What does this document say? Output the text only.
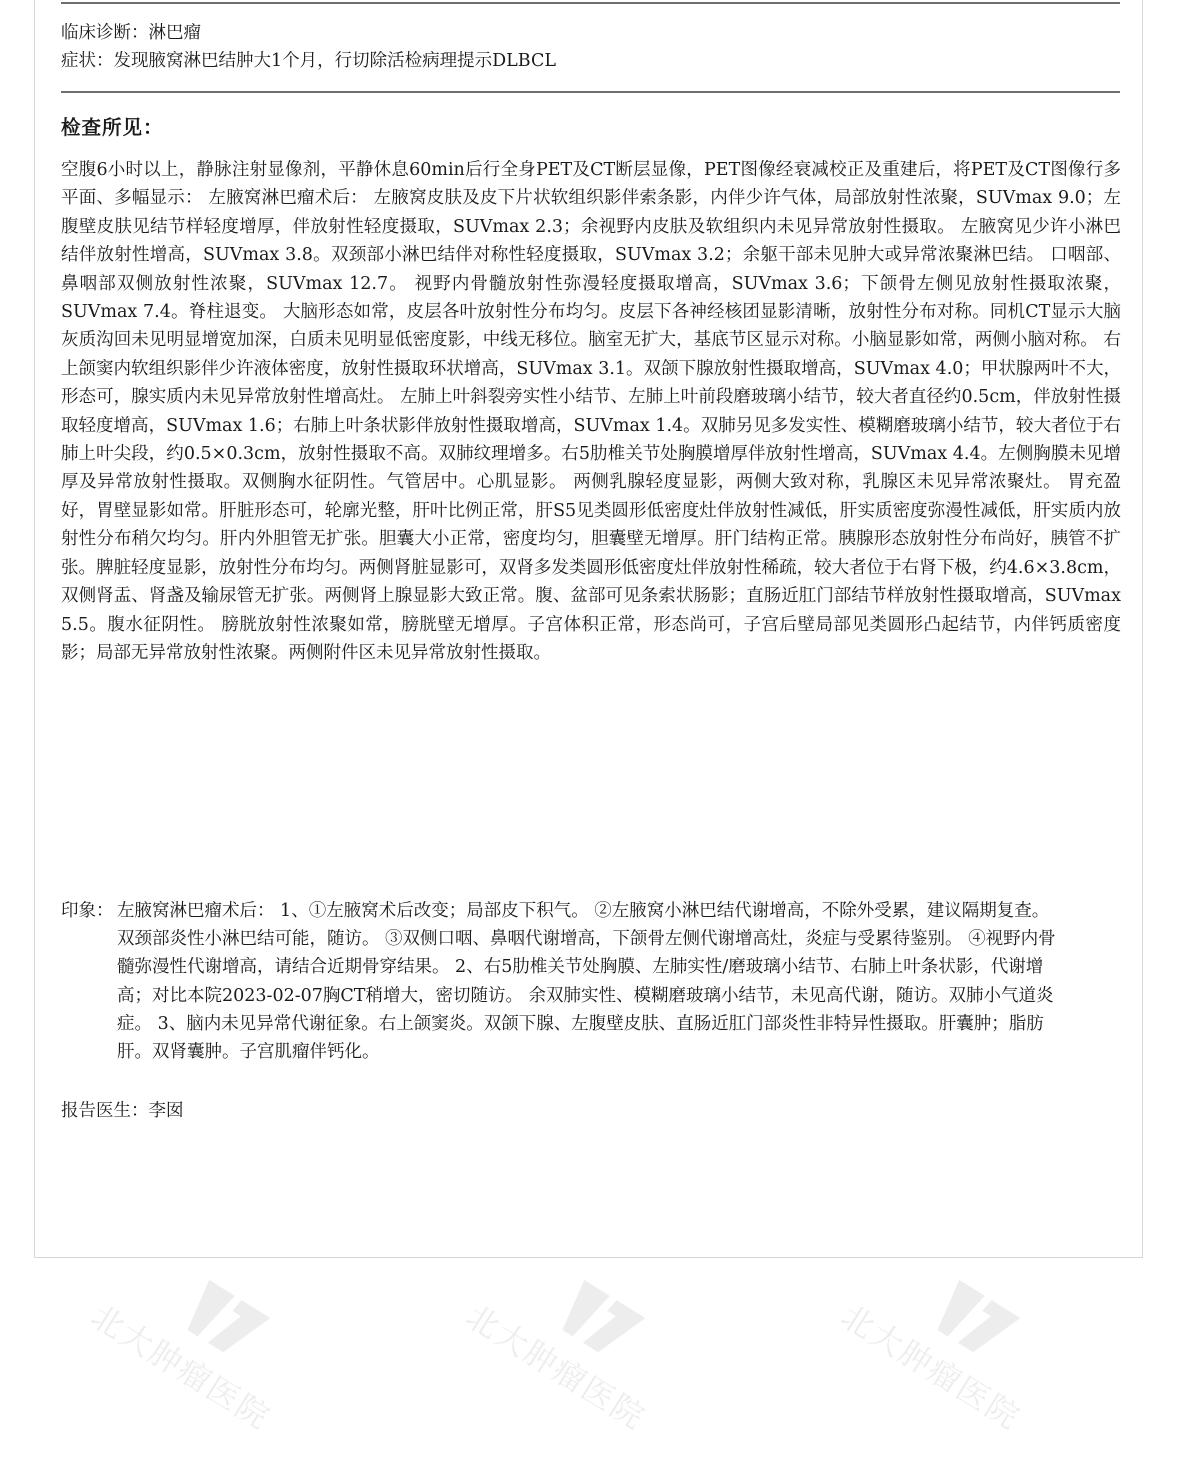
临床诊断：淋巴瘤
症状：发现腋窝淋巴结肿大1个月，行切除活检病理提示DLBCL
检查所见：
空腹6小时以上，静脉注射显像剂，平静休息60min后行全身PET及CT断层显像，PET图像经衰减校正及重建后，将PET及CT图像行多平面、多幅显示： 左腋窝淋巴瘤术后： 左腋窝皮肤及皮下片状软组织影伴索条影，内伴少许气体，局部放射性浓聚，SUVmax 9.0；左腹壁皮肤见结节样轻度增厚，伴放射性轻度摄取，SUVmax 2.3；余视野内皮肤及软组织内未见异常放射性摄取。 左腋窝见少许小淋巴结伴放射性增高，SUVmax 3.8。双颈部小淋巴结伴对称性轻度摄取，SUVmax 3.2；余躯干部未见肿大或异常浓聚淋巴结。 口咽部、鼻咽部双侧放射性浓聚，SUVmax 12.7。 视野内骨髓放射性弥漫轻度摄取增高，SUVmax 3.6；下颌骨左侧见放射性摄取浓聚，SUVmax 7.4。脊柱退变。 大脑形态如常，皮层各叶放射性分布均匀。皮层下各神经核团显影清晰，放射性分布对称。同机CT显示大脑灰质沟回未见明显增宽加深，白质未见明显低密度影，中线无移位。脑室无扩大，基底节区显示对称。小脑显影如常，两侧小脑对称。 右上颌窦内软组织影伴少许液体密度，放射性摄取环状增高，SUVmax 3.1。双颌下腺放射性摄取增高，SUVmax 4.0；甲状腺两叶不大，形态可，腺实质内未见异常放射性增高灶。 左肺上叶斜裂旁实性小结节、左肺上叶前段磨玻璃小结节，较大者直径约0.5cm，伴放射性摄取轻度增高，SUVmax 1.6；右肺上叶条状影伴放射性摄取增高，SUVmax 1.4。双肺另见多发实性、模糊磨玻璃小结节，较大者位于右肺上叶尖段，约0.5×0.3cm，放射性摄取不高。双肺纹理增多。右5肋椎关节处胸膜增厚伴放射性增高，SUVmax 4.4。左侧胸膜未见增厚及异常放射性摄取。双侧胸水征阴性。气管居中。心肌显影。 两侧乳腺轻度显影，两侧大致对称，乳腺区未见异常浓聚灶。 胃充盈好，胃壁显影如常。肝脏形态可，轮廓光整，肝叶比例正常，肝S5见类圆形低密度灶伴放射性减低，肝实质密度弥漫性减低，肝实质内放射性分布稍欠均匀。肝内外胆管无扩张。胆囊大小正常，密度均匀，胆囊壁无增厚。肝门结构正常。胰腺形态放射性分布尚好，胰管不扩张。脾脏轻度显影，放射性分布均匀。两侧肾脏显影可，双肾多发类圆形低密度灶伴放射性稀疏，较大者位于右肾下极，约4.6×3.8cm，双侧肾盂、肾盏及输尿管无扩张。两侧肾上腺显影大致正常。腹、盆部可见条索状肠影；直肠近肛门部结节样放射性摄取增高，SUVmax 5.5。腹水征阴性。 膀胱放射性浓聚如常，膀胱壁无增厚。子宫体积正常，形态尚可，子宫后壁局部见类圆形凸起结节，内伴钙质密度影；局部无异常放射性浓聚。两侧附件区未见异常放射性摄取。
印象： 左腋窝淋巴瘤术后： 1、①左腋窝术后改变；局部皮下积气。 ②左腋窝小淋巴结代谢增高，不除外受累，建议隔期复查。 双颈部炎性小淋巴结可能，随访。 ③双侧口咽、鼻咽代谢增高，下颌骨左侧代谢增高灶，炎症与受累待鉴别。 ④视野内骨髓弥漫性代谢增高，请结合近期骨穿结果。 2、右5肋椎关节处胸膜、左肺实性/磨玻璃小结节、右肺上叶条状影，代谢增高；对比本院2023-02-07胸CT稍增大，密切随访。 余双肺实性、模糊磨玻璃小结节，未见高代谢，随访。双肺小气道炎症。 3、脑内未见异常代谢征象。右上颌窦炎。双颌下腺、左腹壁皮肤、直肠近肛门部炎性非特异性摄取。肝囊肿；脂肪肝。双肾囊肿。子宫肌瘤伴钙化。
报告医生：李囡
北大肿瘤医院	北大肿瘤医院	北大肿瘤医院
